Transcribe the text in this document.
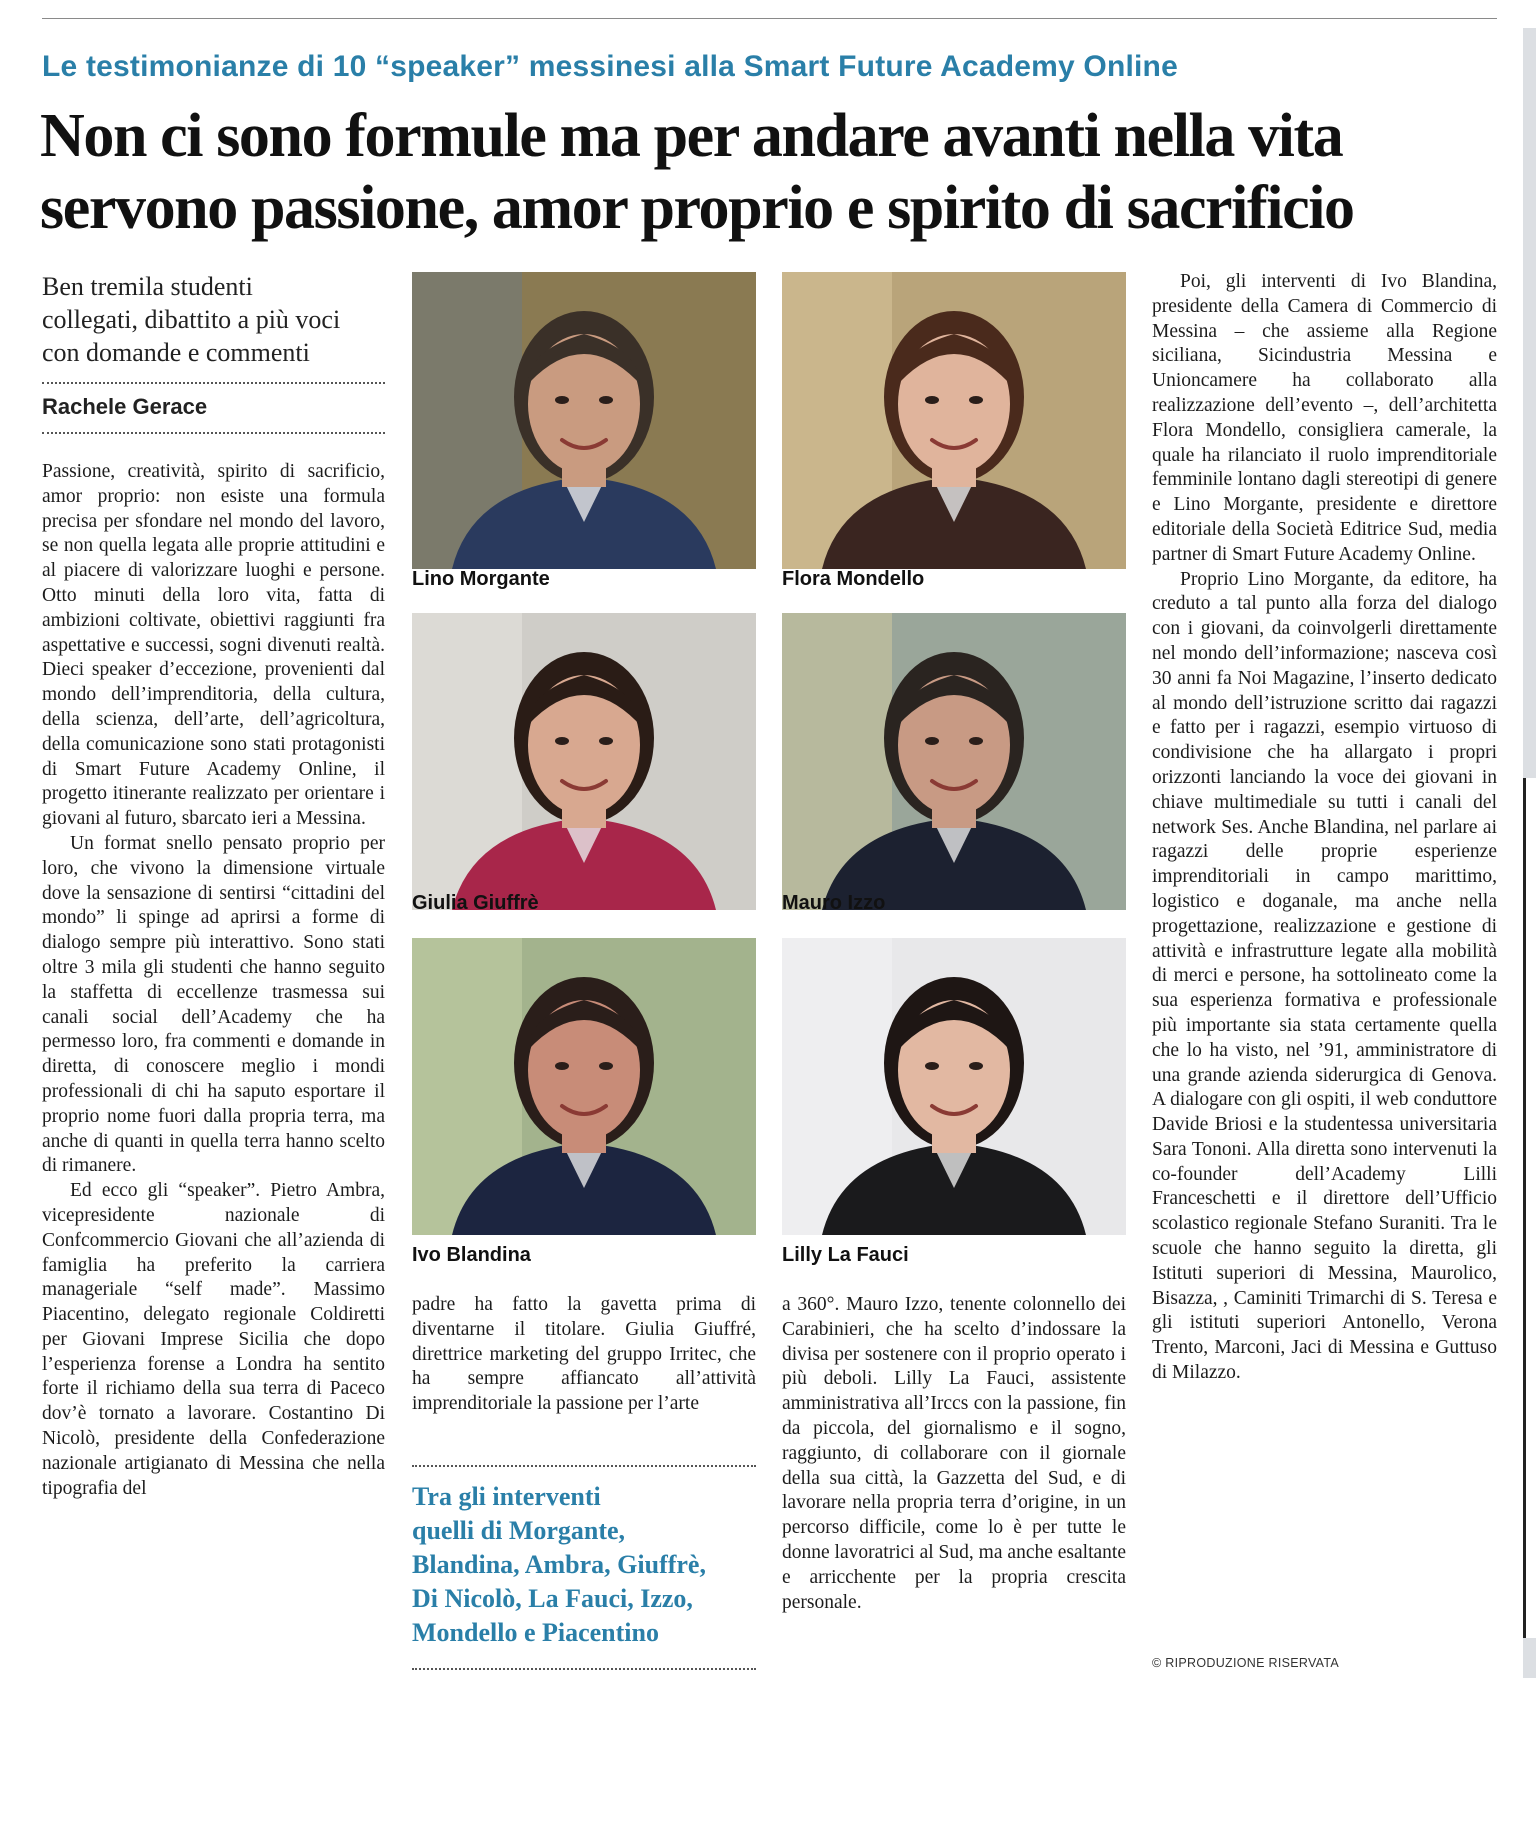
Le testimonianze di 10 “speaker” messinesi alla Smart Future Academy Online
Non ci sono formule ma per andare avanti nella vita
servono passione, amor proprio e spirito di sacrificio
Ben tremila studenti
collegati, dibattito a più voci
con domande e commenti
Rachele Gerace

Passione, creatività, spirito di sacrificio, amor proprio: non esiste una formula precisa per sfondare nel mondo del lavoro, se non quella legata alle proprie attitudini e al piacere di valorizzare luoghi e persone. Otto minuti della loro vita, fatta di ambizioni coltivate, obiettivi raggiunti fra aspettative e successi, sogni divenuti realtà. Dieci speaker d’eccezione, provenienti dal mondo dell’imprenditoria, della cultura, della scienza, dell’arte, dell’agricoltura, della comunicazione sono stati protagonisti di Smart Future Academy Online, il progetto itinerante realizzato per orientare i giovani al futuro, sbarcato ieri a Messina.

Un format snello pensato proprio per loro, che vivono la dimensione virtuale dove la sensazione di sentirsi “cittadini del mondo” li spinge ad aprirsi a forme di dialogo sempre più interattivo. Sono stati oltre 3 mila gli studenti che hanno seguito la staffetta di eccellenze trasmessa sui canali social dell’Academy che ha permesso loro, fra commenti e domande in diretta, di conoscere meglio i mondi professionali di chi ha saputo esportare il proprio nome fuori dalla propria terra, ma anche di quanti in quella terra hanno scelto di rimanere.

Ed ecco gli “speaker”. Pietro Ambra, vicepresidente nazionale di Confcommercio Giovani che all’azienda di famiglia ha preferito la carriera manageriale “self made”. Massimo Piacentino, delegato regionale Coldiretti per Giovani Imprese Sicilia che dopo l’esperienza forense a Londra ha sentito forte il richiamo della sua terra di Paceco dov’è tornato a lavorare. Costantino Di Nicolò, presidente della Confederazione nazionale artigianato di Messina che nella tipografia del

Lino Morgante	Flora Mondello
Giulia Giuffrè	Mauro Izzo
Ivo Blandina	Lilly La Fauci

padre ha fatto la gavetta prima di diventarne il titolare. Giulia Giuffré, direttrice marketing del gruppo Irritec, che ha sempre affiancato all’attività imprenditoriale la passione per l’arte

Tra gli interventi
quelli di Morgante,
Blandina, Ambra, Giuffrè,
Di Nicolò, La Fauci, Izzo,
Mondello e Piacentino

a 360°. Mauro Izzo, tenente colonnello dei Carabinieri, che ha scelto d’indossare la divisa per sostenere con il proprio operato i più deboli. Lilly La Fauci, assistente amministrativa all’Irccs con la passione, fin da piccola, del giornalismo e il sogno, raggiunto, di collaborare con il giornale della sua città, la Gazzetta del Sud, e di lavorare nella propria terra d’origine, in un percorso difficile, come lo è per tutte le donne lavoratrici al Sud, ma anche esaltante e arricchente per la propria crescita personale.

Poi, gli interventi di Ivo Blandina, presidente della Camera di Commercio di Messina – che assieme alla Regione siciliana, Sicindustria Messina e Unioncamere ha collaborato alla realizzazione dell’evento –, dell’architetta Flora Mondello, consigliera camerale, la quale ha rilanciato il ruolo imprenditoriale femminile lontano dagli stereotipi di genere e Lino Morgante, presidente e direttore editoriale della Società Editrice Sud, media partner di Smart Future Academy Online.

Proprio Lino Morgante, da editore, ha creduto a tal punto alla forza del dialogo con i giovani, da coinvolgerli direttamente nel mondo dell’informazione; nasceva così 30 anni fa Noi Magazine, l’inserto dedicato al mondo dell’istruzione scritto dai ragazzi e fatto per i ragazzi, esempio virtuoso di condivisione che ha allargato i propri orizzonti lanciando la voce dei giovani in chiave multimediale su tutti i canali del network Ses. Anche Blandina, nel parlare ai ragazzi delle proprie esperienze imprenditoriali in campo marittimo, logistico e doganale, ma anche nella progettazione, realizzazione e gestione di attività e infrastrutture legate alla mobilità di merci e persone, ha sottolineato come la sua esperienza formativa e professionale più importante sia stata certamente quella che lo ha visto, nel ’91, amministratore di una grande azienda siderurgica di Genova. A dialogare con gli ospiti, il web conduttore Davide Briosi e la studentessa universitaria Sara Tononi. Alla diretta sono intervenuti la co-founder dell’Academy Lilli Franceschetti e il direttore dell’Ufficio scolastico regionale Stefano Suraniti. Tra le scuole che hanno seguito la diretta, gli Istituti superiori di Messina, Maurolico, Bisazza, , Caminiti Trimarchi di S. Teresa e gli istituti superiori Antonello, Verona Trento, Marconi, Jaci di Messina e Guttuso di Milazzo.

© RIPRODUZIONE RISERVATA
